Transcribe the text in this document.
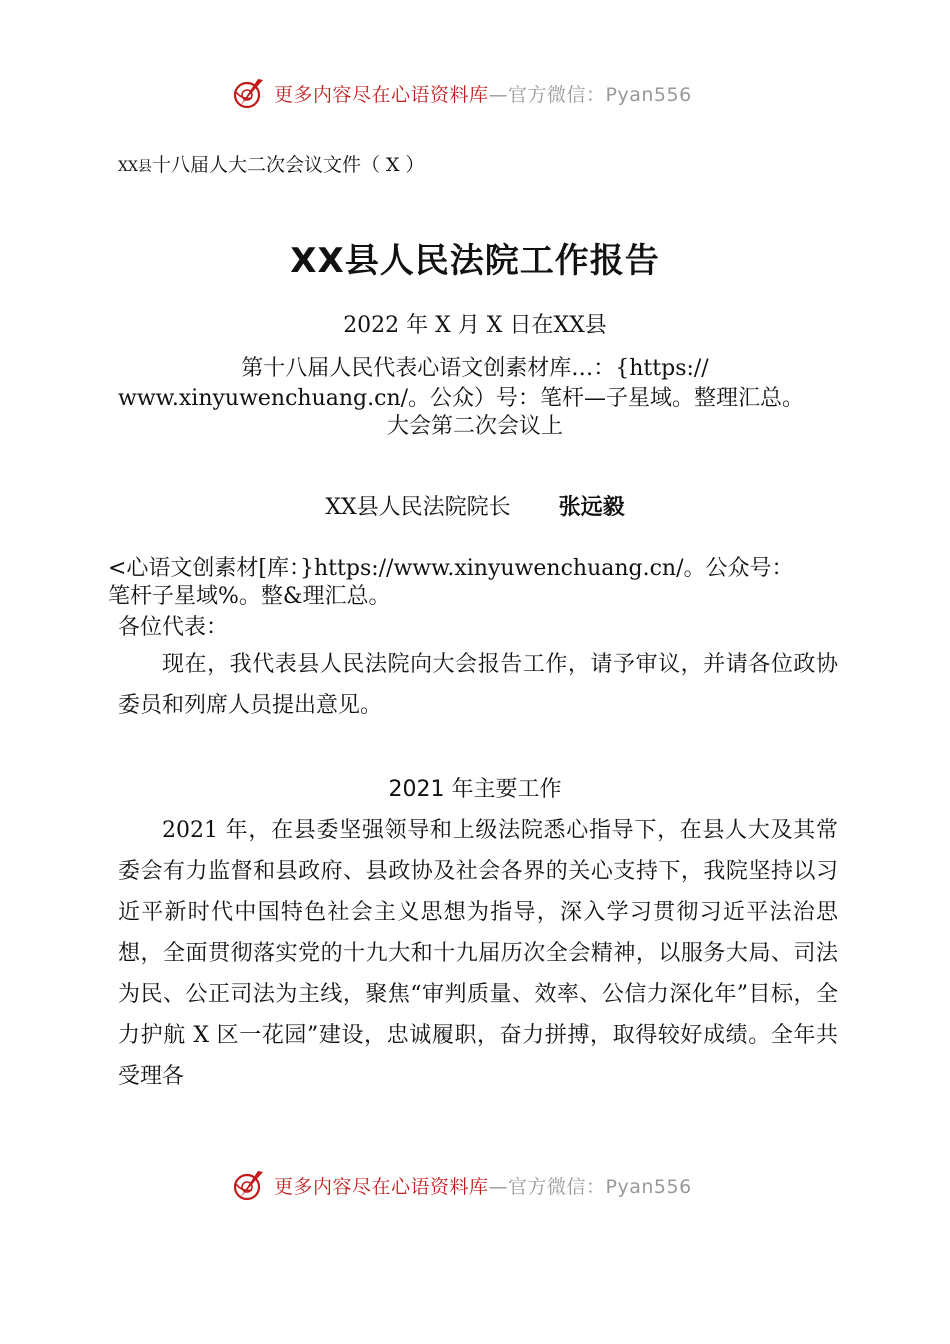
更多内容尽在心语资料库—官方微信：Pyan556
XX县十八届人大二次会议文件（ X ）
XX县人民法院工作报告
2022 年 X 月 X 日在XX县
第十八届人民代表心语文创素材库…：{https://
www.xinyuwenchuang.cn/。公众）号：笔杆—子星域。整理汇总。
大会第二次会议上
XX县人民法院院长 张远毅
<心语文创素材[库：}https://www.xinyuwenchuang.cn/。公众号：
笔杆子星域%。整&理汇总。
各位代表：
现在，我代表县人民法院向大会报告工作，请予审议，并请各位政协委员和列席人员提出意见。
2021 年主要工作
2021 年，在县委坚强领导和上级法院悉心指导下，在县人大及其常委会有力监督和县政府、县政协及社会各界的关心支持下，我院坚持以习近平新时代中国特色社会主义思想为指导，深入学习贯彻习近平法治思想，全面贯彻落实党的十九大和十九届历次全会精神，以服务大局、司法为民、公正司法为主线，聚焦“审判质量、效率、公信力深化年”目标，全力护航 X 区一花园”建设，忠诚履职，奋力拼搏，取得较好成绩。全年共受理各
更多内容尽在心语资料库—官方微信：Pyan556
